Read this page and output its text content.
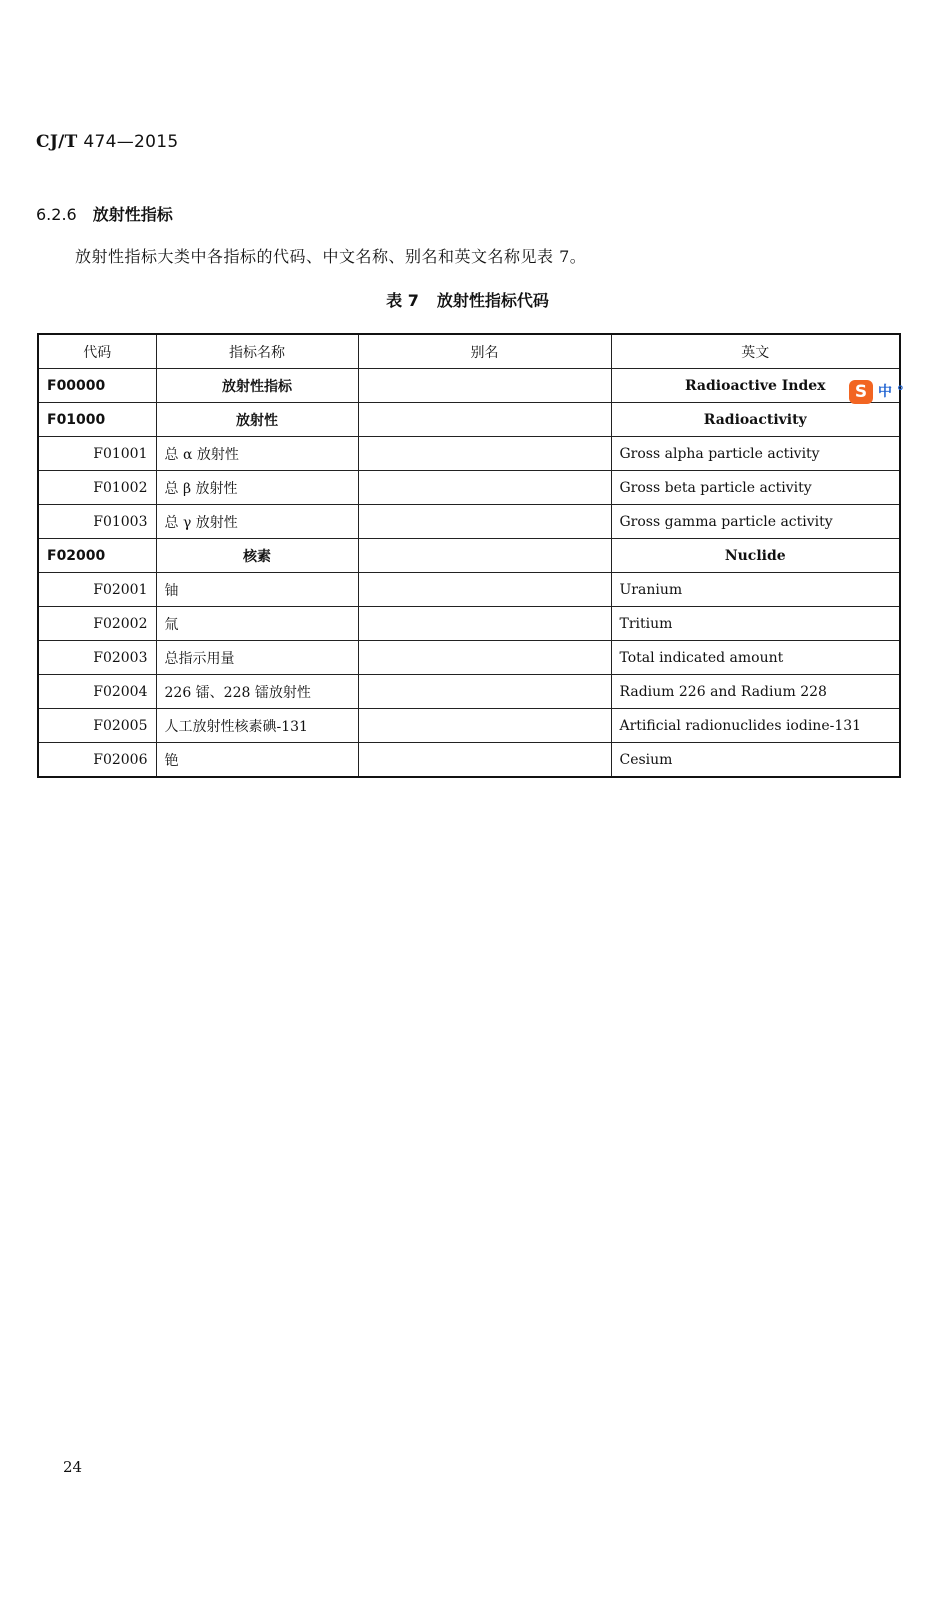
CJ/T 474—2015
6.2.6 放射性指标
放射性指标大类中各指标的代码、中文名称、别名和英文名称见表 7。
表 7 放射性指标代码
代码	指标名称	别名	英文
F00000	放射性指标		Radioactive Index
F01000	放射性		Radioactivity
F01001	总 α 放射性		Gross alpha particle activity
F01002	总 β 放射性		Gross beta particle activity
F01003	总 γ 放射性		Gross gamma particle activity
F02000	核素		Nuclide
F02001	铀		Uranium
F02002	氚		Tritium
F02003	总指示用量		Total indicated amount
F02004	226 镭、228 镭放射性		Radium 226 and Radium 228
F02005	人工放射性核素碘-131		Artificial radionuclides iodine-131
F02006	铯		Cesium
S 中 °
24
